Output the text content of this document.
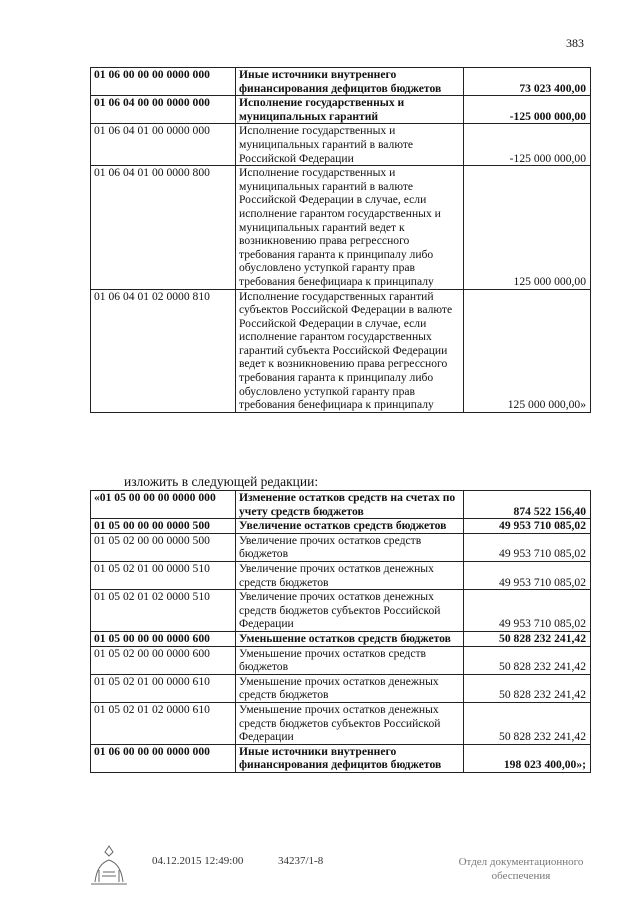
383
01 06 00 00 00 0000 000	Иные источники внутреннего финансирования дефицитов бюджетов	73 023 400,00
01 06 04 00 00 0000 000	Исполнение государственных и муниципальных гарантий	-125 000 000,00
01 06 04 01 00 0000 000	Исполнение государственных и муниципальных гарантий в валюте Российской Федерации	-125 000 000,00
01 06 04 01 00 0000 800	Исполнение государственных и муниципальных гарантий в валюте Российской Федерации в случае, если исполнение гарантом государственных и муниципальных гарантий ведет к возникновению права регрессного требования гаранта к принципалу либо обусловлено уступкой гаранту прав требования бенефициара к принципалу	125 000 000,00
01 06 04 01 02 0000 810	Исполнение государственных гарантий субъектов Российской Федерации в валюте Российской Федерации в случае, если исполнение гарантом государственных гарантий субъекта Российской Федерации ведет к возникновению права регрессного требования гаранта к принципалу либо обусловлено уступкой гаранту прав требования бенефициара к принципалу	125 000 000,00»
изложить в следующей редакции:
«01 05 00 00 00 0000 000	Изменение остатков средств на счетах по учету средств бюджетов	874 522 156,40
01 05 00 00 00 0000 500	Увеличение остатков средств бюджетов	49 953 710 085,02
01 05 02 00 00 0000 500	Увеличение прочих остатков средств бюджетов	49 953 710 085,02
01 05 02 01 00 0000 510	Увеличение прочих остатков денежных средств бюджетов	49 953 710 085,02
01 05 02 01 02 0000 510	Увеличение прочих остатков денежных средств бюджетов субъектов Российской Федерации	49 953 710 085,02
01 05 00 00 00 0000 600	Уменьшение остатков средств бюджетов	50 828 232 241,42
01 05 02 00 00 0000 600	Уменьшение прочих остатков средств бюджетов	50 828 232 241,42
01 05 02 01 00 0000 610	Уменьшение прочих остатков денежных средств бюджетов	50 828 232 241,42
01 05 02 01 02 0000 610	Уменьшение прочих остатков денежных средств бюджетов субъектов Российской Федерации	50 828 232 241,42
01 06 00 00 00 0000 000	Иные источники внутреннего финансирования дефицитов бюджетов	198 023 400,00»;
04.12.2015 12:49:00	34237/1-8	Отдел документационного обеспечения
